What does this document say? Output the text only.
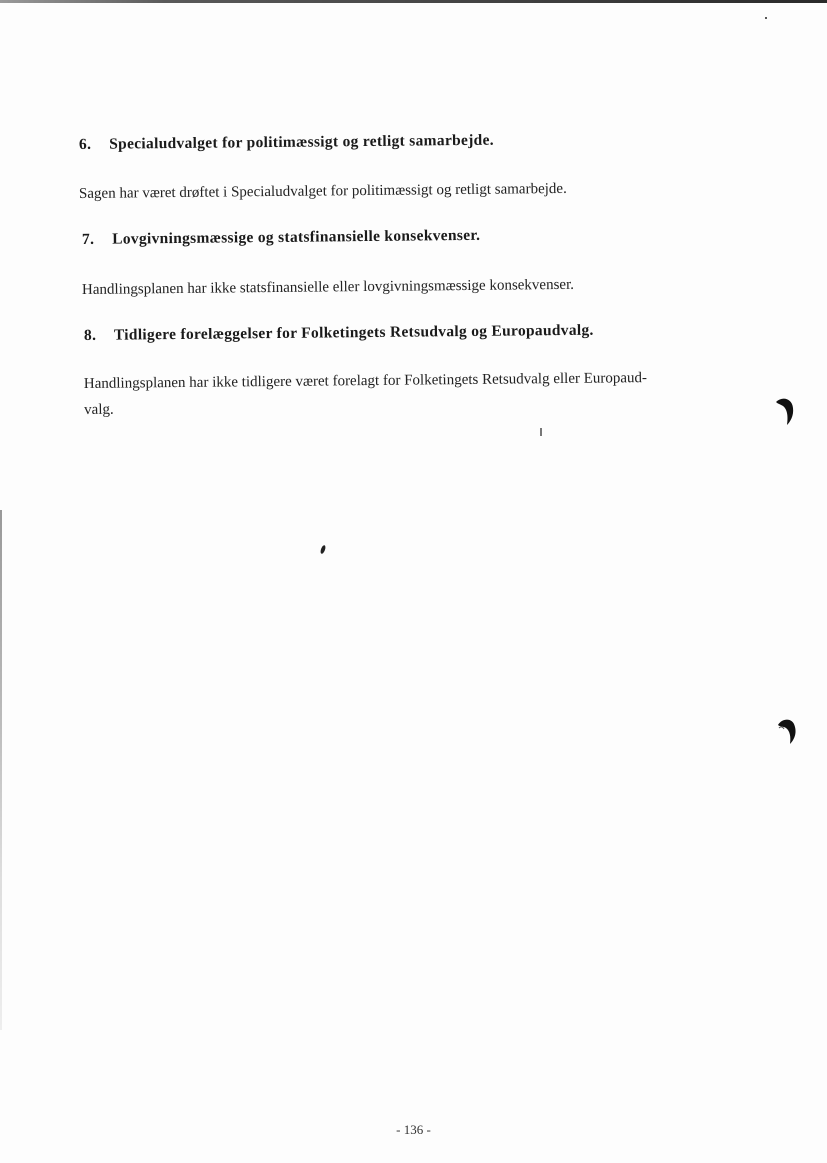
6. Specialudvalget for politimæssigt og retligt samarbejde.
Sagen har været drøftet i Specialudvalget for politimæssigt og retligt samarbejde.
7. Lovgivningsmæssige og statsfinansielle konsekvenser.
Handlingsplanen har ikke statsfinansielle eller lovgivningsmæssige konsekvenser.
8. Tidligere forelæggelser for Folketingets Retsudvalg og Europaudvalg.
Handlingsplanen har ikke tidligere været forelagt for Folketingets Retsudvalg eller Europaud-
valg.
- 136 -
